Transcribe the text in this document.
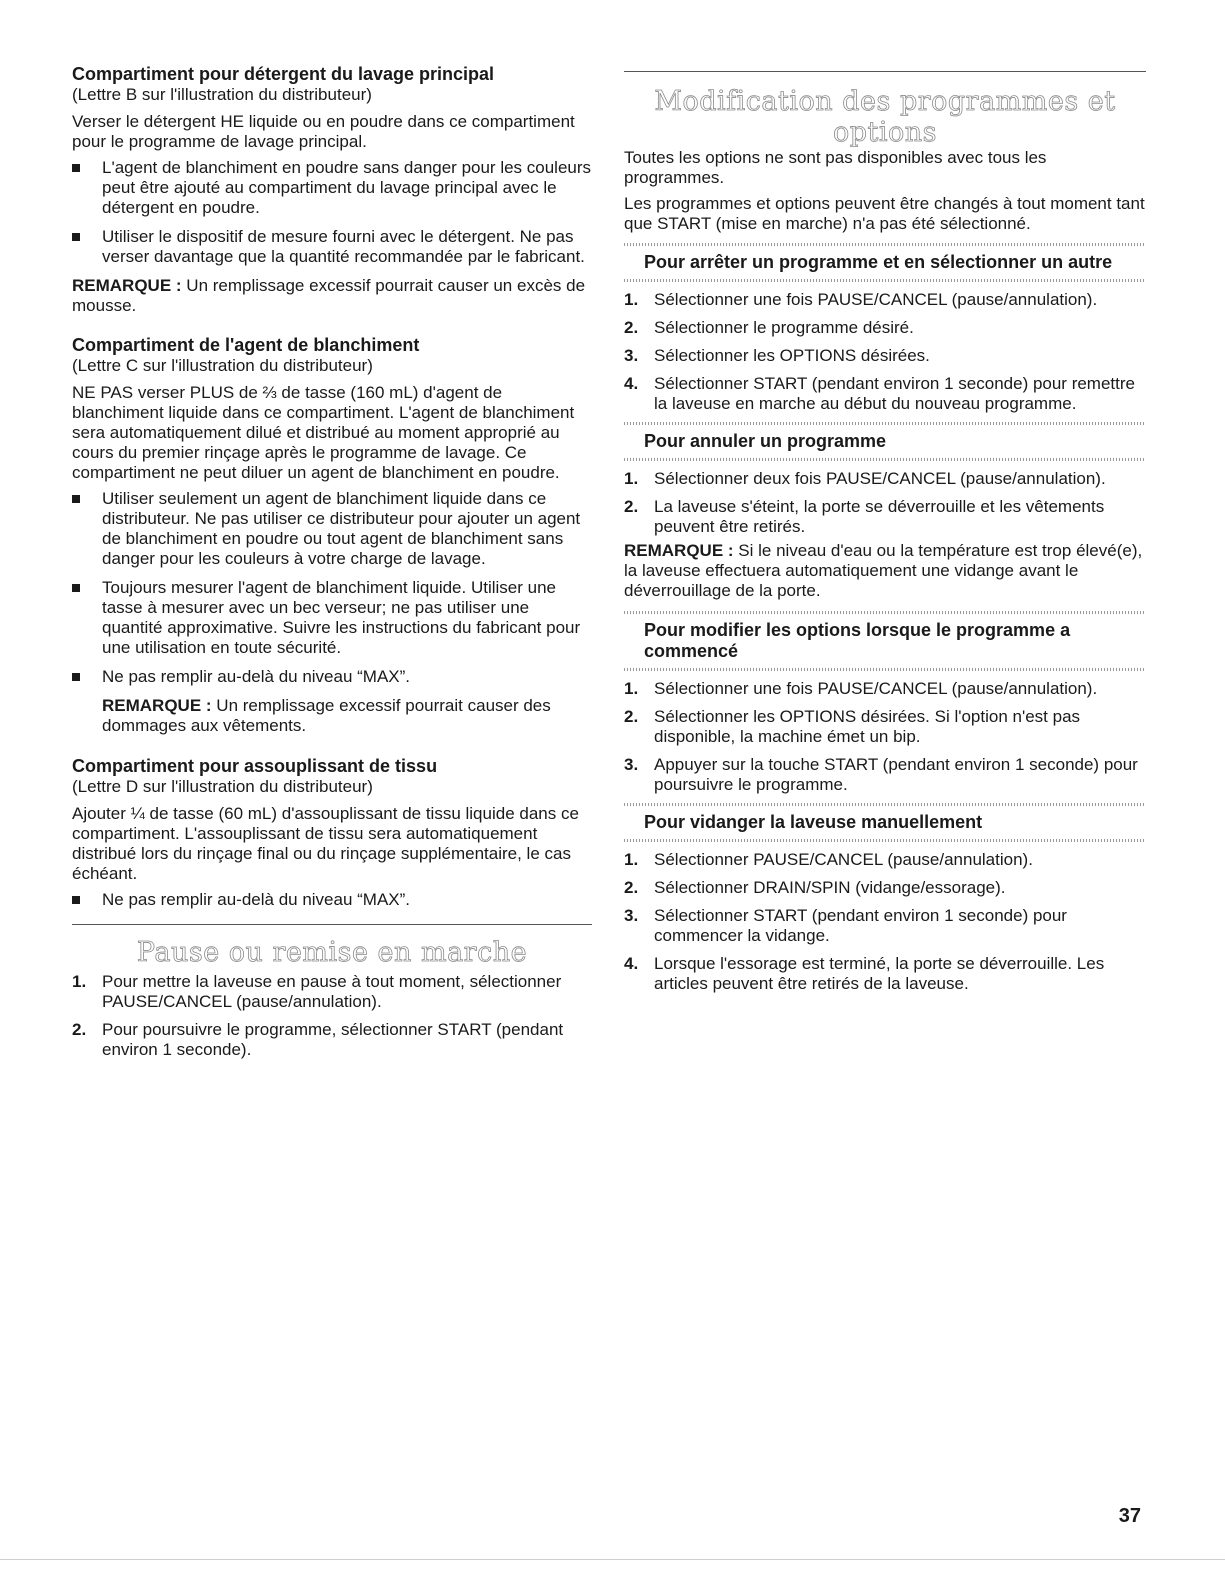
Compartiment pour détergent du lavage principal

(Lettre B sur l'illustration du distributeur)

Verser le détergent HE liquide ou en poudre dans ce compartiment pour le programme de lavage principal.

L'agent de blanchiment en poudre sans danger pour les couleurs peut être ajouté au compartiment du lavage principal avec le détergent en poudre.
Utiliser le dispositif de mesure fourni avec le détergent. Ne pas verser davantage que la quantité recommandée par le fabricant.

REMARQUE : Un remplissage excessif pourrait causer un excès de mousse.

Compartiment de l'agent de blanchiment

(Lettre C sur l'illustration du distributeur)

NE PAS verser PLUS de ⅔ de tasse (160 mL) d'agent de blanchiment liquide dans ce compartiment. L'agent de blanchiment sera automatiquement dilué et distribué au moment approprié au cours du premier rinçage après le programme de lavage. Ce compartiment ne peut diluer un agent de blanchiment en poudre.

Utiliser seulement un agent de blanchiment liquide dans ce distributeur. Ne pas utiliser ce distributeur pour ajouter un agent de blanchiment en poudre ou tout agent de blanchiment sans danger pour les couleurs à votre charge de lavage.
Toujours mesurer l'agent de blanchiment liquide. Utiliser une tasse à mesurer avec un bec verseur; ne pas utiliser une quantité approximative. Suivre les instructions du fabricant pour une utilisation en toute sécurité.
Ne pas remplir au-delà du niveau “MAX”.

REMARQUE : Un remplissage excessif pourrait causer des dommages aux vêtements.

Compartiment pour assouplissant de tissu

(Lettre D sur l'illustration du distributeur)

Ajouter ¼ de tasse (60 mL) d'assouplissant de tissu liquide dans ce compartiment. L'assouplissant de tissu sera automatiquement distribué lors du rinçage final ou du rinçage supplémentaire, le cas échéant.

Ne pas remplir au-delà du niveau “MAX”.
Pause ou remise en marche
1. Pour mettre la laveuse en pause à tout moment, sélectionner PAUSE/CANCEL (pause/annulation).
2. Pour poursuivre le programme, sélectionner START (pendant environ 1 seconde).
Modification des programmes et options

Toutes les options ne sont pas disponibles avec tous les programmes.

Les programmes et options peuvent être changés à tout moment tant que START (mise en marche) n'a pas été sélectionné.

Pour arrêter un programme et en sélectionner un autre
1. Sélectionner une fois PAUSE/CANCEL (pause/annulation).
2. Sélectionner le programme désiré.
3. Sélectionner les OPTIONS désirées.
4. Sélectionner START (pendant environ 1 seconde) pour remettre la laveuse en marche au début du nouveau programme.
Pour annuler un programme
1. Sélectionner deux fois PAUSE/CANCEL (pause/annulation).
2. La laveuse s'éteint, la porte se déverrouille et les vêtements peuvent être retirés.

REMARQUE : Si le niveau d'eau ou la température est trop élevé(e), la laveuse effectuera automatiquement une vidange avant le déverrouillage de la porte.

Pour modifier les options lorsque le programme a commencé
1. Sélectionner une fois PAUSE/CANCEL (pause/annulation).
2. Sélectionner les OPTIONS désirées. Si l'option n'est pas disponible, la machine émet un bip.
3. Appuyer sur la touche START (pendant environ 1 seconde) pour poursuivre le programme.
Pour vidanger la laveuse manuellement
1. Sélectionner PAUSE/CANCEL (pause/annulation).
2. Sélectionner DRAIN/SPIN (vidange/essorage).
3. Sélectionner START (pendant environ 1 seconde) pour commencer la vidange.
4. Lorsque l'essorage est terminé, la porte se déverrouille. Les articles peuvent être retirés de la laveuse.
37
